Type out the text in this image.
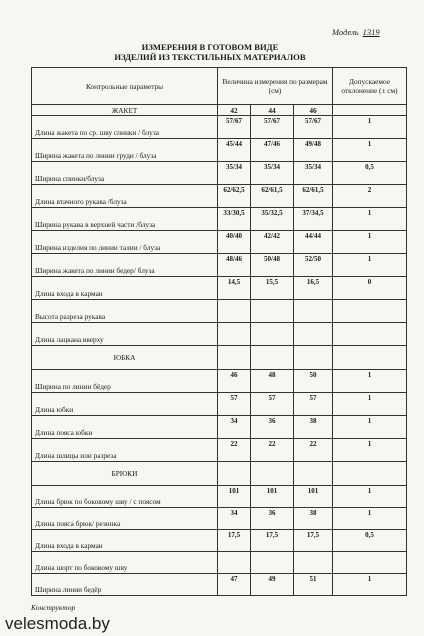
Модель 1319
ИЗМЕРЕНИЯ В ГОТОВОМ ВИДЕ
ИЗДЕЛИЙ ИЗ ТЕКСТИЛЬНЫХ МАТЕРИАЛОВ
Контрольные параметры	Величина измерения по размерам (см)			Допускаемое отклонение (± см)
ЖАКЕТ	42	44	46	
Длина жакета по ср. шву спинки / блуза	57/67	57/67	57/67	1
Ширина жакета по линии груди / блуза	45/44	47/46	49/48	1
Ширина спинки/блуза	35/34	35/34	35/34	0,5
Длина втачного рукава /блуза	62/62,5	62/61,5	62/61,5	2
Ширина рукава в верхней части /блуза	33/30,5	35/32,5	37/34,5	1
Ширина изделия по линии талии / блуза	40/40	42/42	44/44	1
Ширина жакета по линии бедер/ блуза	48/46	50/48	52/50	1
Длина входа в карман	14,5	15,5	16,5	0
Высота разреза рукава				
Длина лацкана вверху				
ЮБКА				
Ширина по линии бёдер	46	48	50	1
Длина юбки	57	57	57	1
Длина пояса юбки	34	36	38	1
Длина шлицы или разреза	22	22	22	1
БРЮКИ				
Длина брюк по боковому шву / с поясом	101	101	101	1
Длина пояса брюк/ резинка	34	36	38	1
Длина входа в карман	17,5	17,5	17,5	0,5
Длина шорт по боковому шву				
Ширина линии бедёр	47	49	51	1
Конструктор
velesmoda.by
